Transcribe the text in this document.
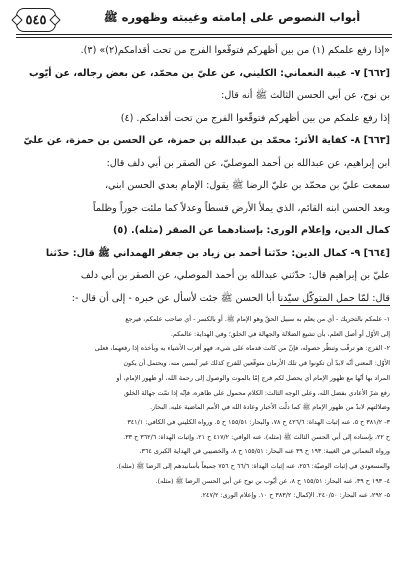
أبواب النصوص على إمامته وغيبته وظهوره ﷺ
٥٤٥

«إذا رفع علمكم (١) من بين أظهركم فتوقّعوا الفرج من تحت أقدامكم(٢)» (٣).

[٦٦٢] ٧- غيبة النعماني: الكليني، عن عليّ بن محمّد، عن بعض رجاله، عن أيّوب

بن نوح، عن أبي الحسن الثالث ﷺ أنه قال:

إذا رفع علمكم من بين أظهركم فتوقّعوا الفرج من تحت أقدامكم. (٤)

[٦٦٣] ٨- كفاية الأثر: محمّد بن عبدالله بن حمزة، عن الحسن بن حمزة، عن عليّ

ابن إبراهيم، عن عبدالله بن أحمد الموصليّ، عن الصقر بن أبي دلف قال:

سمعت عليّ بن محمّد بن عليّ الرضا ﷺ يقول: الإمام بعدي الحسن ابني،

وبعد الحسن ابنه القائم، الذي يملأ الأرض قسطاً وعدلاً كما ملئت جوراً وظلماً

كمال الدين، وإعلام الورى: بإسنادهما عن الصقر (مثله). (٥)

[٦٦٤] ٩- كمال الدين: حدّثنا أحمد بن زياد بن جعفر الهمداني ﷺ قال: حدّثنا

عليّ بن إبراهيم قال: حدّثني عبدالله بن أحمد الموصلي، عن الصقر بن أبي دلف

قال: لمّا حمل المتوكّل سيّدنا أبا الحسن ﷺ جئت لأسأل عن خبره - إلى أن قال -:

١- علمكم بالتحريك - أي من يعلم به سبيل الحقّ وهو الإمام ﷺ. أو بالكسر - أي صاحب علمكم، فيرجع

إلى الأوّل أو أصل العلم، بأن تشيع الضلالة والجهالة في الخلق؛ وفي الهداية: عالمكم.

٢- الفرج: هو ترقّب وتنظّر حصوله، فإنّ من كانت قدماه على شيء، فهو أقرب الأشياء به وبأخذه إذا رفعهما، فعلى

الأوّل: المعنى أنّه لابدّ أن تكونوا في تلك الأزمان متوقّعين للفرج كذلك غير آيسين منه. ويحتمل أن يكون

المراد بها أنّها مع ظهور الإمام أي يحصل لكم فرج إمّا بالموت والوصول إلى رحمة الله، أو ظهور الإمام، أو

رفع شرّ الأعادي بفضل الله، وعلى الوجه الثالث: الكلام محمول على ظاهره، فإنّه إذا تمّت جهالة الخلق

وضلالتهم لابدّ من ظهور الإمام ﷺ كما دلّت الأخبار وعادة الله في الأمم الماضية عليه. البحار.

٣- ٣٨١/٢ ح ٥، عنه إثبات الهداة: ٤٢٦/٦ ح ٧٨، والبحار: ١٥٥/٥١ ح ٥. ورواه الكليني في الكافي: ٣٤١/١

ح ٢٢، بإسناده إلى أبي الحسن الثالث ﷺ (مثله). عنه الوافي: ٤١٧/٢ ح ٢١، وإثبات الهداة: ٣٦٢/٦ ح ٣٣.

ورواه النعماني في الغيبة: ١٩٣ ح ٣٩ عنه البحار: ١٥٥/٥١ ح ٨، والخصيبي في الهداية الكبرى ٣٦٤،

والمسعودي في إثبات الوصيّة: ٢٥٦، عنه إثبات الهداة: ٦٦/٦ ح ٧٥٦ جميعاً بأسانيدهم إلى الرضا ﷺ (مثله).

٤- ١٩٣ ح ٣٩، عنه البحار: ١٥٥/٥١ ح ٨، عن أيّوب بن نوح عن أبي الحسن الرضا ﷺ (مثله).

٥- ٢٩٢، عنه البحار: ٢٤٠/٥٠. الإكمال: ٣٨٣/٢ ح ١٠. وإعلام الورى: ٢٤٧/٢.
